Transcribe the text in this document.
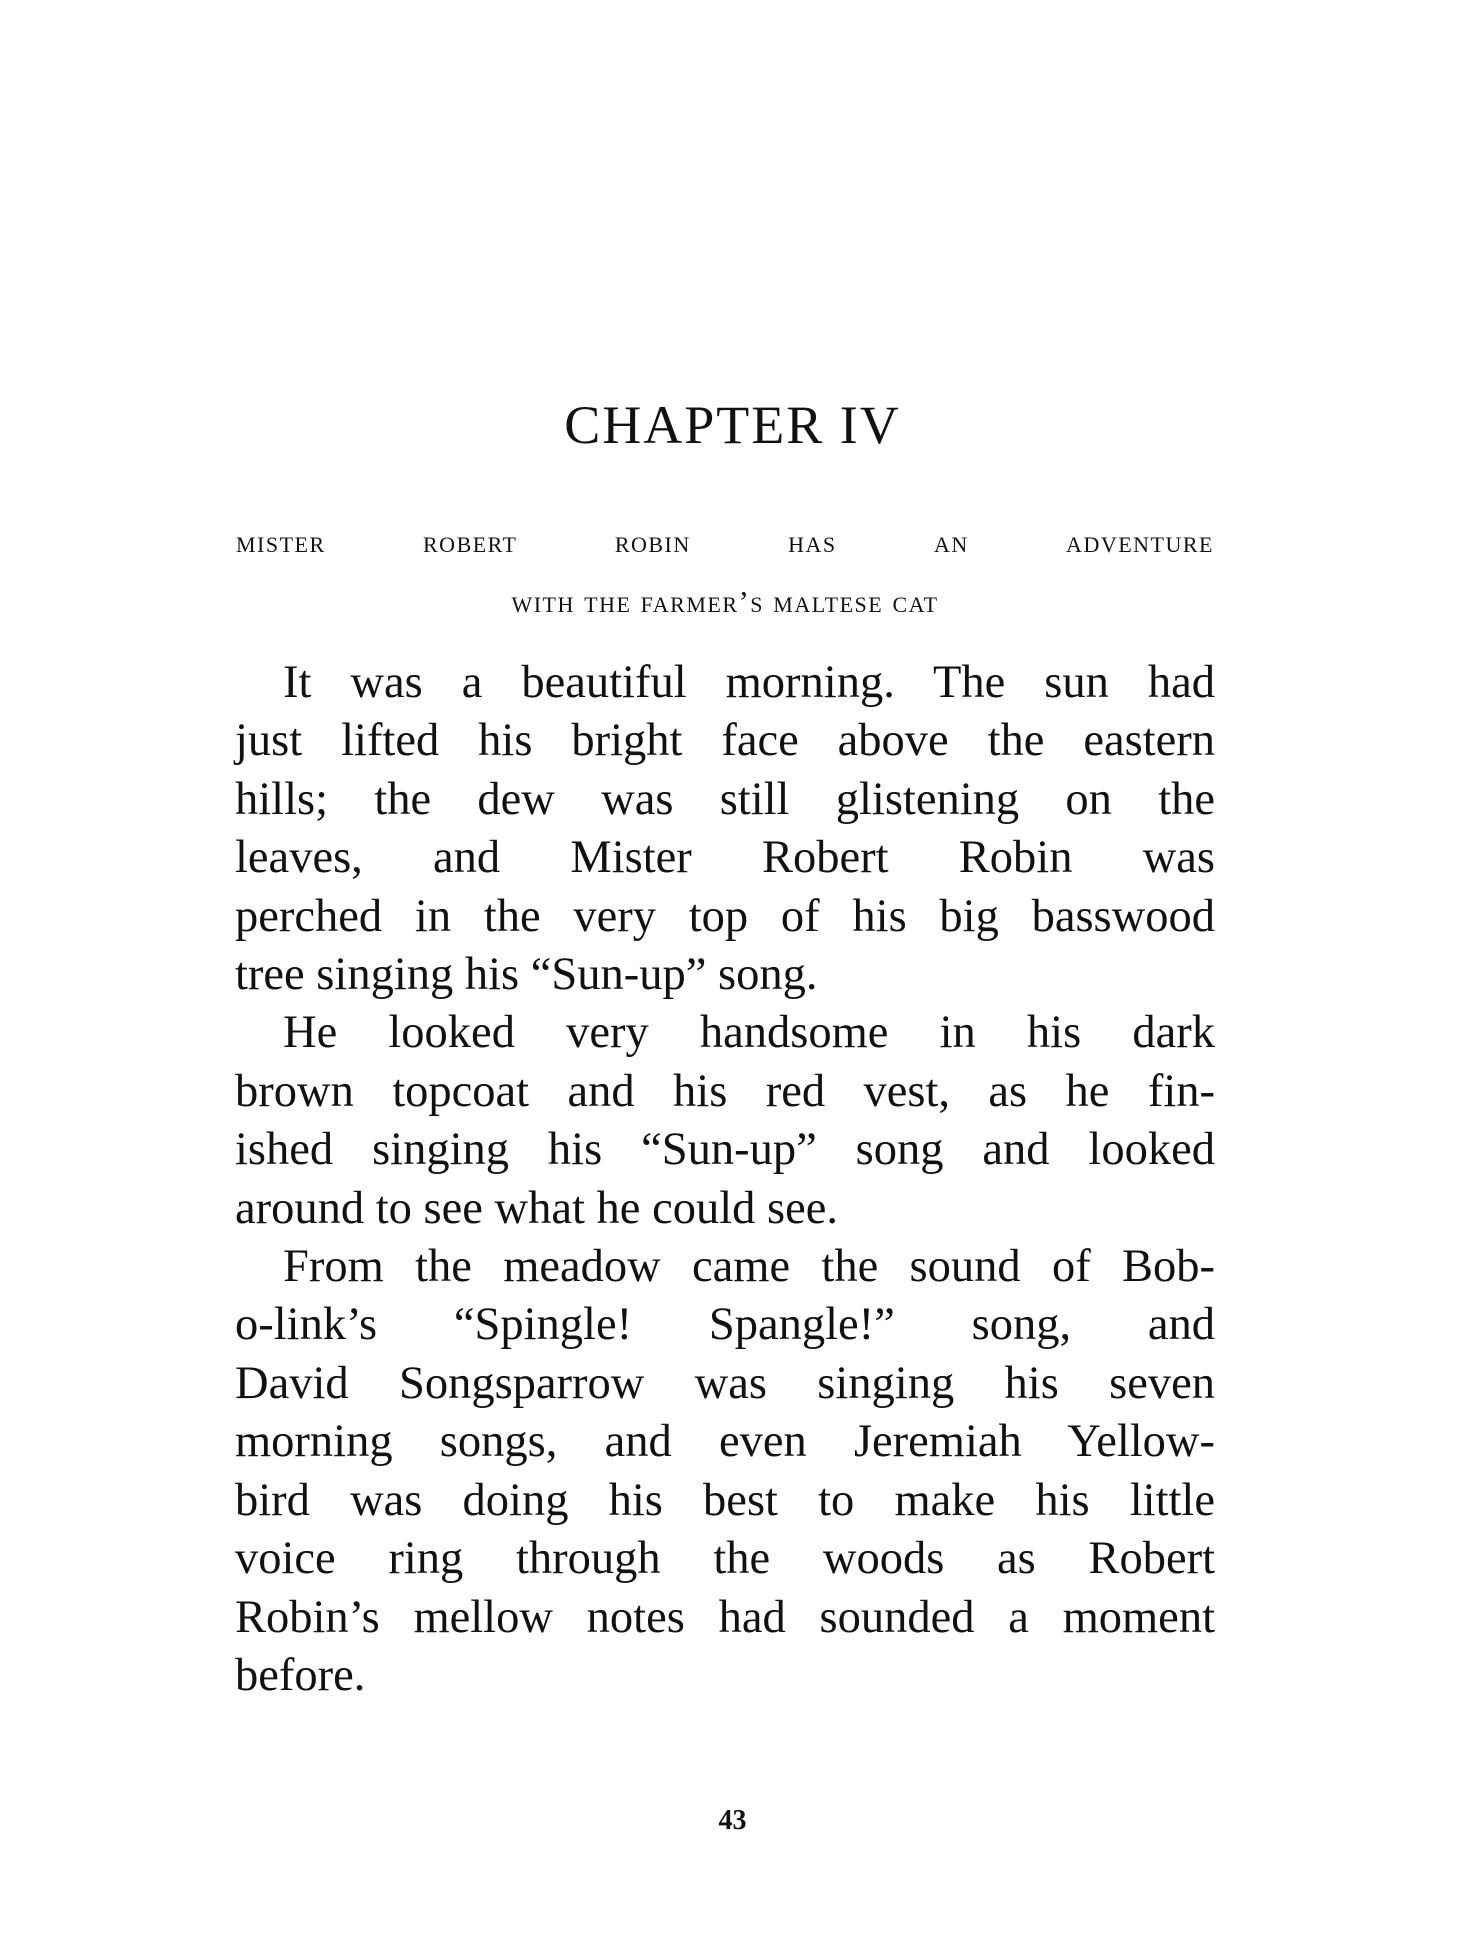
CHAPTER IV
mister robert robin has an adventure
with the farmer’s maltese cat
It was a beautiful morning. The sun had
just lifted his bright face above the eastern
hills; the dew was still glistening on the
leaves, and Mister Robert Robin was
perched in the very top of his big basswood
tree singing his “Sun-up” song.
He looked very handsome in his dark
brown topcoat and his red vest, as he fin-
ished singing his “Sun-up” song and looked
around to see what he could see.
From the meadow came the sound of Bob-
o-link’s “Spingle! Spangle!” song, and
David Songsparrow was singing his seven
morning songs, and even Jeremiah Yellow-
bird was doing his best to make his little
voice ring through the woods as Robert
Robin’s mellow notes had sounded a moment
before.
43
